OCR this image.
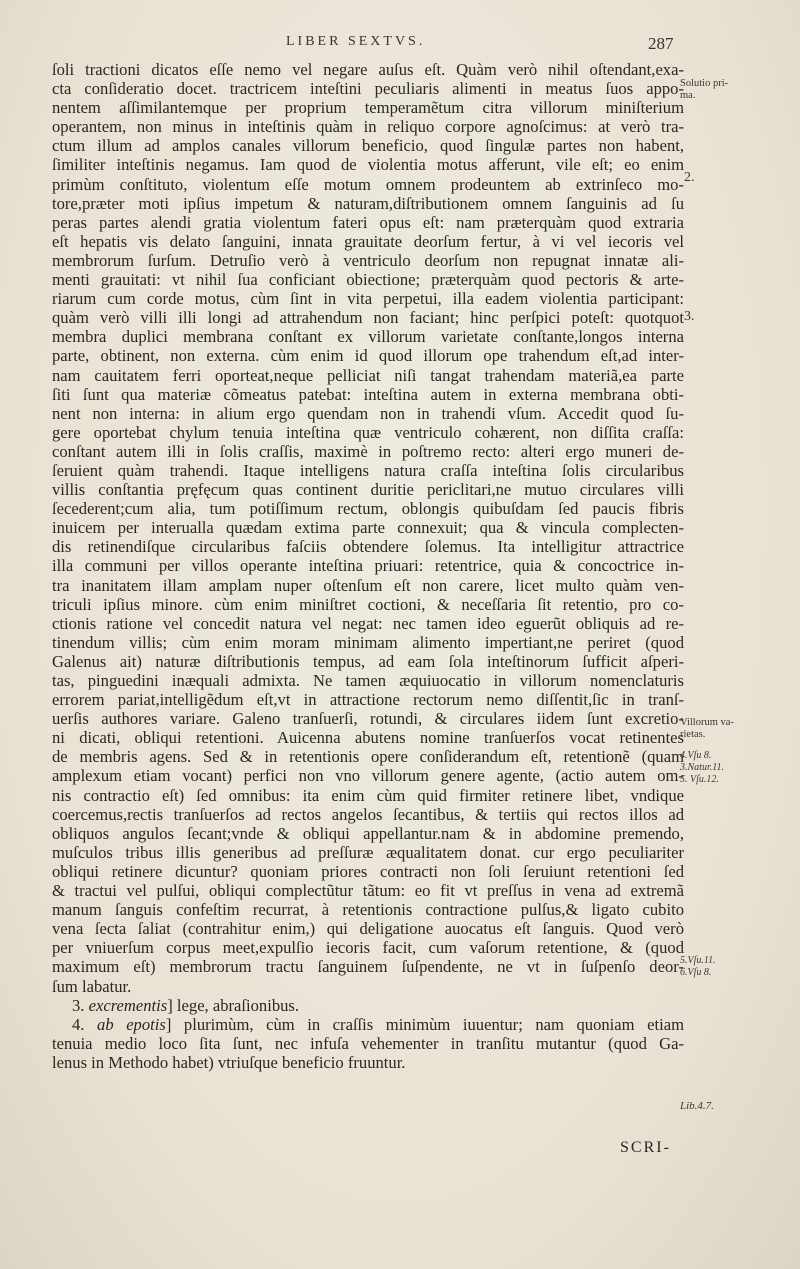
LIBER SEXTVS.	287
ſoli tractioni dicatos eſſe nemo vel negare auſus eſt. Quàm verò nihil oſtendant,exa-
cta conſideratio docet. tractricem inteſtini peculiaris alimenti in meatus ſuos appo-
nentem aſſimilantemque per proprium temperamẽtum citra villorum miniſterium
operantem, non minus in inteſtinis quàm in reliquo corpore agnoſcimus: at verò tra-
ctum illum ad amplos canales villorum beneficio, quod ſingulæ partes non habent,
ſimiliter inteſtinis negamus. Iam quod de violentia motus afferunt, vile eſt; eo enim
primùm conſtituto, violentum eſſe motum omnem prodeuntem ab extrinſeco mo-
tore,præter moti ipſius impetum & naturam,diſtributionem omnem ſanguinis ad ſu
peras partes alendi gratia violentum fateri opus eſt: nam præterquàm quod extraria
eſt hepatis vis delato ſanguini, innata grauitate deorſum fertur, à vi vel iecoris vel
membrorum ſurſum. Detruſio verò à ventriculo deorſum non repugnat innatæ ali-
menti grauitati: vt nihil ſua conficiant obiectione; præterquàm quod pectoris & arte-
riarum cum corde motus, cùm ſint in vita perpetui, illa eadem violentia participant:
quàm verò villi illi longi ad attrahendum non faciant; hinc perſpici poteſt: quotquot
membra duplici membrana conſtant ex villorum varietate conſtante,longos interna
parte, obtinent, non externa. cùm enim id quod illorum ope trahendum eſt,ad inter-
nam cauitatem ferri oporteat,neque pelliciat niſi tangat trahendam materiã,ea parte
ſiti ſunt qua materiæ cõmeatus patebat: inteſtina autem in externa membrana obti-
nent non interna: in alium ergo quendam non in trahendi vſum. Accedit quod ſu-
gere oportebat chylum tenuia inteſtina quæ ventriculo cohærent, non diſſita craſſa:
conſtant autem illi in ſolis craſſis, maximè in poſtremo recto: alteri ergo muneri de-
ſeruient quàm trahendi. Itaque intelligens natura craſſa inteſtina ſolis circularibus
villis conſtantia pręfęcum quas continent duritie periclitari,ne mutuo circulares villi
ſecederent;cum alia, tum potiſſimum rectum, oblongis quibuſdam ſed paucis fibris
inuicem per interualla quædam extima parte connexuit; qua & vincula complecten-
dis retinendiſque circularibus faſciis obtendere ſolemus. Ita intelligitur attractrice
illa communi per villos operante inteſtina priuari: retentrice, quia & concoctrice in-
tra inanitatem illam amplam nuper oſtenſum eſt non carere, licet multo quàm ven-
triculi ipſius minore. cùm enim miniſtret coctioni, & neceſſaria ſit retentio, pro co-
ctionis ratione vel concedit natura vel negat: nec tamen ideo eguerũt obliquis ad re-
tinendum villis; cùm enim moram minimam alimento impertiant,ne periret (quod
Galenus ait) naturæ diſtributionis tempus, ad eam ſola inteſtinorum ſufficit aſperi-
tas, pinguedini inæquali admixta. Ne tamen æquiuocatio in villorum nomenclaturis
errorem pariat,intelligẽdum eſt,vt in attractione rectorum nemo diſſentit,ſic in tranſ-
uerſis authores variare. Galeno tranſuerſi, rotundi, & circulares iidem ſunt excretio-
ni dicati, obliqui retentioni. Auicenna abutens nomine tranſuerſos vocat retinentes
de membris agens. Sed & in retentionis opere conſiderandum eſt, retentionẽ (quam
amplexum etiam vocant) perfici non vno villorum genere agente, (actio autem om-
nis contractio eſt) ſed omnibus: ita enim cùm quid firmiter retinere libet, vndique
coercemus,rectis tranſuerſos ad rectos angelos ſecantibus, & tertiis qui rectos illos ad
obliquos angulos ſecant;vnde & obliqui appellantur.nam & in abdomine premendo,
muſculos tribus illis generibus ad preſſuræ æqualitatem donat. cur ergo peculiariter
obliqui retinere dicuntur? quoniam priores contracti non ſoli ſeruiunt retentioni ſed
& tractui vel pulſui, obliqui complectũtur tãtum: eo fit vt preſſus in vena ad extremã
manum ſanguis confeſtim recurrat, à retentionis contractione pulſus,& ligato cubito
vena ſecta ſaliat (contrahitur enim,) qui deligatione auocatus eſt ſanguis. Quod verò
per vniuerſum corpus meet,expulſio iecoris facit, cum vaſorum retentione, & (quod
maximum eſt) membrorum tractu ſanguinem ſuſpendente, ne vt in ſuſpenſo deor-
ſum labatur.
3. excrementis] lege, abraſionibus.
4. ab epotis] plurimùm, cùm in craſſis minimùm iuuentur; nam quoniam etiam
tenuia medio loco ſita ſunt, nec infuſa vehementer in tranſitu mutantur (quod Ga-
lenus in Methodo habet) vtriuſque beneficio fruuntur.
Solutio pri-
ma.
2.
3.
Villorum va-
rietas.
4.Vſu 8.
3.Natur.11.
5. Vſu.12.
5.Vſu.11.
6.Vſu 8.
Lib.4.7.
SCRI-
